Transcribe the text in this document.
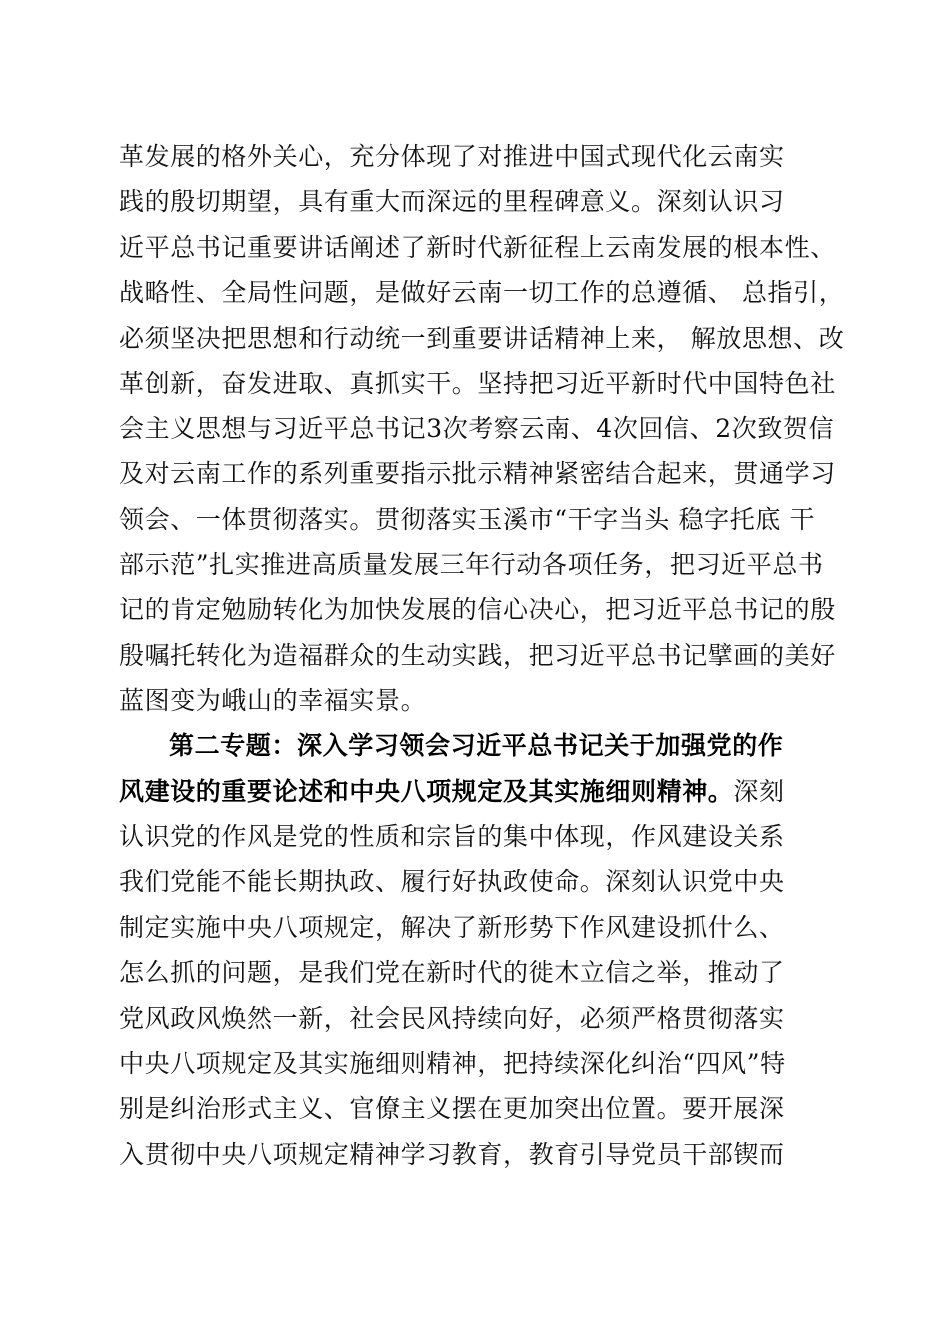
革发展的格外关心，充分体现了对推进中国式现代化云南实
践的殷切期望，具有重大而深远的里程碑意义。深刻认识习
近平总书记重要讲话阐述了新时代新征程上云南发展的根本性、
战略性、全局性问题，是做好云南一切工作的总遵循、 总指引，
必须坚决把思想和行动统一到重要讲话精神上来， 解放思想、改
革创新，奋发进取、真抓实干。坚持把习近平新时代中国特色社
会主义思想与习近平总书记3次考察云南、4次回信、2次致贺信
及对云南工作的系列重要指示批示精神紧密结合起来，贯通学习
领会、一体贯彻落实。贯彻落实玉溪市“干字当头 稳字托底 干
部示范”扎实推进高质量发展三年行动各项任务，把习近平总书
记的肯定勉励转化为加快发展的信心决心，把习近平总书记的殷
殷嘱托转化为造福群众的生动实践，把习近平总书记擘画的美好
蓝图变为峨山的幸福实景。
第二专题：深入学习领会习近平总书记关于加强党的作
风建设的重要论述和中央八项规定及其实施细则精神。深刻
认识党的作风是党的性质和宗旨的集中体现，作风建设关系
我们党能不能长期执政、履行好执政使命。深刻认识党中央
制定实施中央八项规定，解决了新形势下作风建设抓什么、
怎么抓的问题，是我们党在新时代的徙木立信之举，推动了
党风政风焕然一新，社会民风持续向好，必须严格贯彻落实
中央八项规定及其实施细则精神，把持续深化纠治“四风”特
别是纠治形式主义、官僚主义摆在更加突出位置。要开展深
入贯彻中央八项规定精神学习教育，教育引导党员干部锲而
